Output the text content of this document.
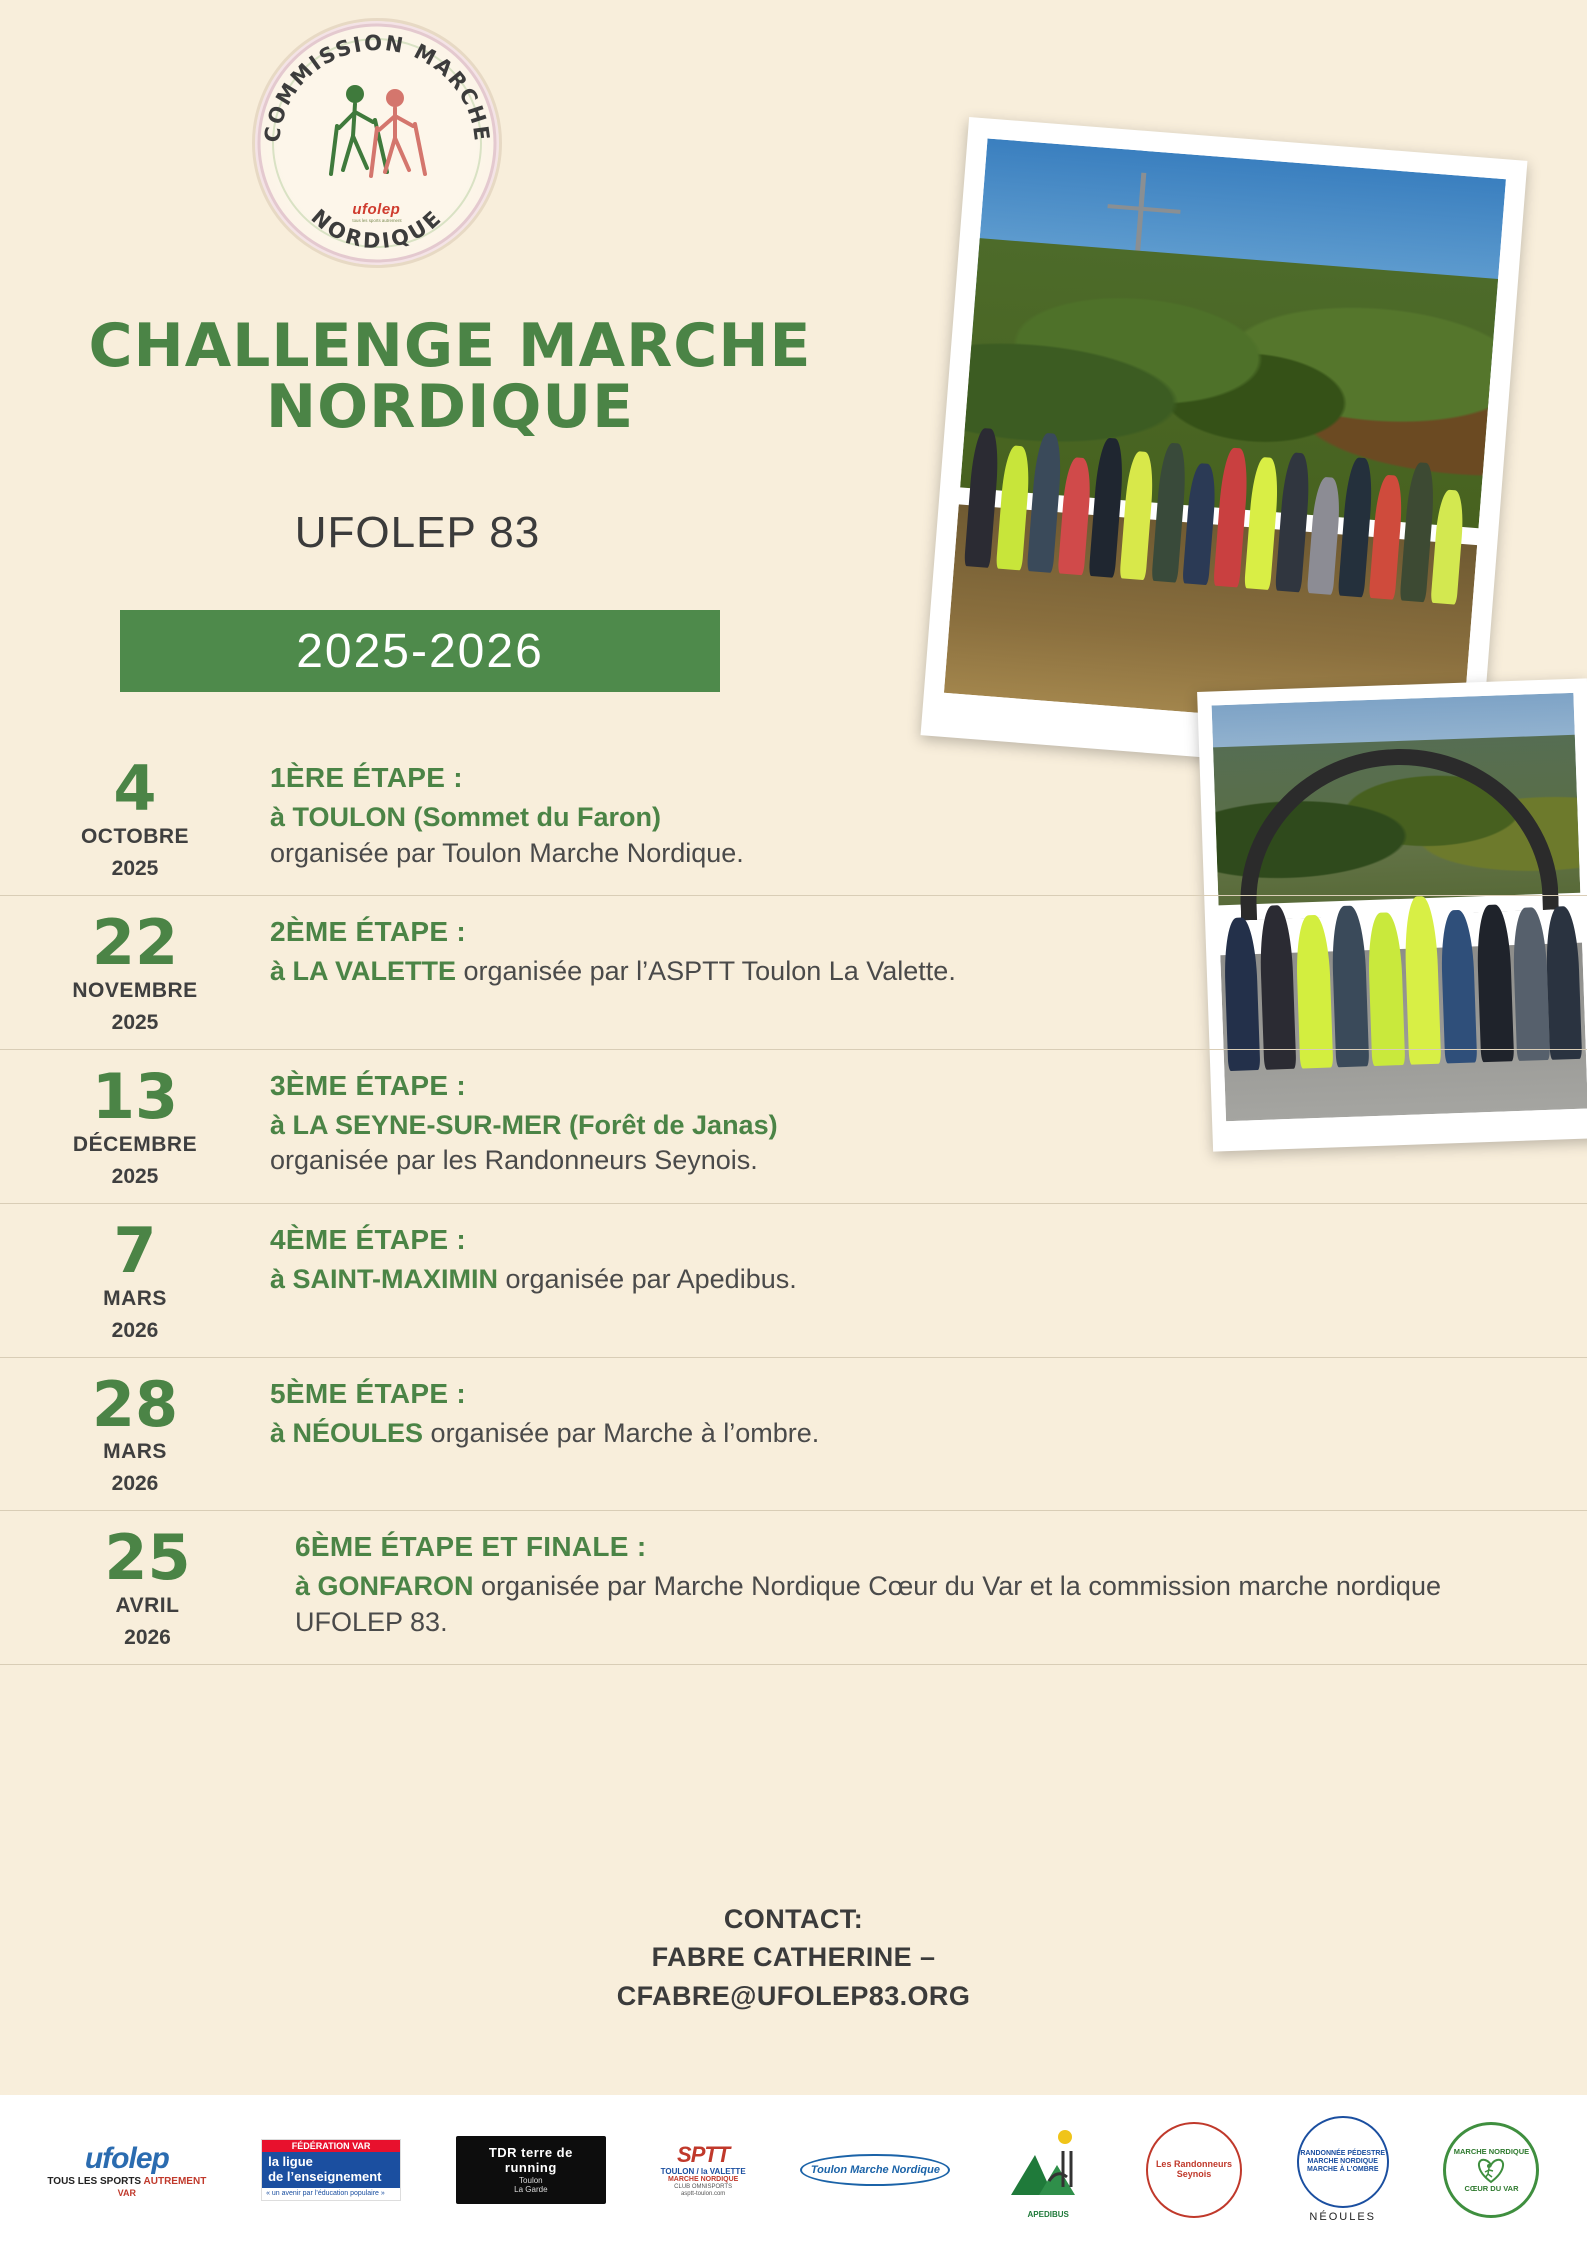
COMMISSION MARCHE
NORDIQUE
ufolep
tous les sports autrement
CHALLENGE MARCHE
NORDIQUE
UFOLEP 83
2025-2026
4
OCTOBRE
2025
1ÈRE ÉTAPE :
à TOULON (Sommet du Faron)
organisée par Toulon Marche Nordique.
22
NOVEMBRE
2025
2ÈME ÉTAPE :
à LA VALETTE organisée par l’ASPTT Toulon La Valette.
13
DÉCEMBRE
2025
3ÈME ÉTAPE :
à LA SEYNE-SUR-MER (Forêt de Janas)
organisée par les Randonneurs Seynois.
7
MARS
2026
4ÈME ÉTAPE :
à SAINT-MAXIMIN organisée par Apedibus.
28
MARS
2026
5ÈME ÉTAPE :
à NÉOULES organisée par Marche à l’ombre.
25
AVRIL
2026
6ÈME ÉTAPE ET FINALE :
à GONFARON organisée par Marche Nordique Cœur du Var et la commission marche nordique UFOLEP 83.
CONTACT:
FABRE CATHERINE –
CFABRE@UFOLEP83.ORG
ufolep
TOUS LES SPORTS AUTREMENT
VAR
FÉDÉRATION VAR
la ligue
de l’enseignement
« un avenir par l’éducation populaire »
TDR terre de running
Toulon
La Garde
SPTT
TOULON / la VALETTE
MARCHE NORDIQUE
CLUB OMNISPORTS
asptt-toulon.com
Toulon Marche Nordique
APEDIBUS
Les Randonneurs Seynois
RANDONNÉE PÉDESTRE
MARCHE NORDIQUE
MARCHE À L’OMBRE
NÉOULES
MARCHE NORDIQUE
CŒUR DU VAR
